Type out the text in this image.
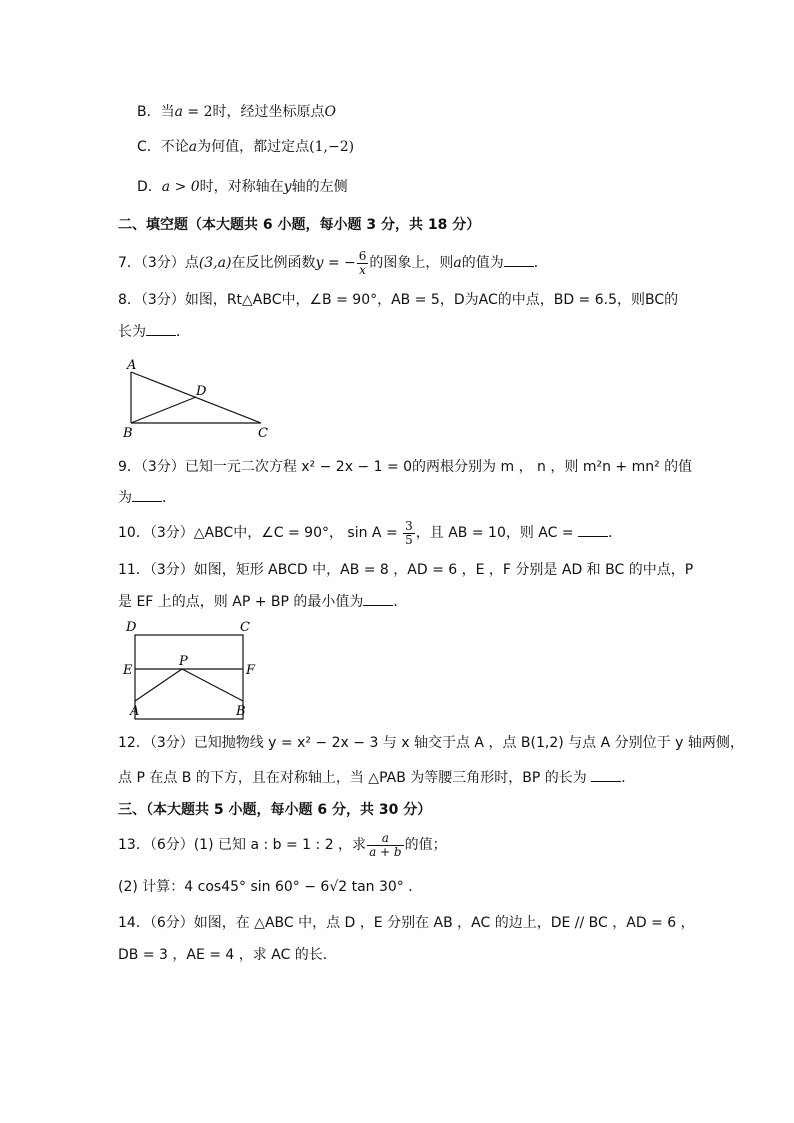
B．当a = 2时，经过坐标原点O
C．不论a为何值，都过定点(1,−2)
D．a > 0时，对称轴在y轴的左侧
二、填空题（本大题共 6 小题，每小题 3 分，共 18 分）
7．（3分）点(3,a)在反比例函数y = − $\frac{6}{x}$ 的图象上，则a的值为 ．
8．（3分）如图，Rt△ABC中，∠B = 90°，AB = 5，D为AC的中点，BD = 6.5，则BC的
长为 ．
A
D
B	C
9．（3分）已知一元二次方程 x² − 2x − 1 = 0的两根分别为 m ， n ，则 m²n + mn² 的值
为 ．
10．（3分）△ABC中，∠C = 90°， $\sin A = \frac{3}{5}$ ，且 AB = 10，则 AC = ．
11．（3分）如图，矩形 ABCD 中，AB = 8 ，AD = 6 ，E ，F 分别是 AD 和 BC 的中点，P
是 EF 上的点，则 AP + BP 的最小值为 ．
D	C
E	F
P
A	B
12．（3分）已知抛物线 y = x² − 2x − 3 与 x 轴交于点 A ，点 B(1,2) 与点 A 分别位于 y 轴两侧，
点 P 在点 B 的下方，且在对称轴上，当 △PAB 为等腰三角形时，BP 的长为 ．
三、（本大题共 5 小题，每小题 6 分，共 30 分）
13．（6分）(1) 已知 a : b = 1 : 2 ，求 $\frac{a}{a + b}$ 的值；
(2) 计算：4 cos45° sin 60° − 6√2 tan 30° ．
14．（6分）如图，在 △ABC 中，点 D ，E 分别在 AB ，AC 的边上，DE // BC ，AD = 6 ，
DB = 3 ，AE = 4 ，求 AC 的长．
